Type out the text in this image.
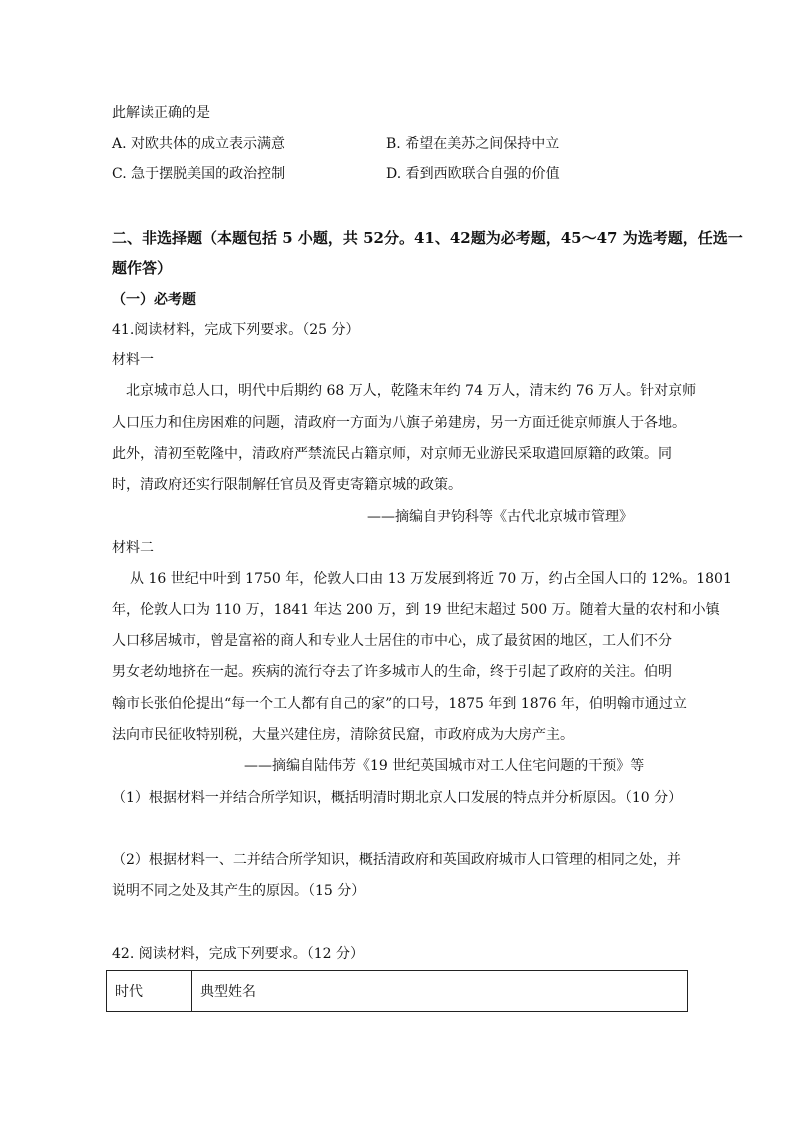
此解读正确的是
A. 对欧共体的成立表示满意	B. 希望在美苏之间保持中立
C. 急于摆脱美国的政治控制	D. 看到西欧联合自强的价值
二、非选择题（本题包括 5 小题，共 52分。41、42题为必考题，45～47 为选考题，任选一
题作答）
（一）必考题
41.阅读材料，完成下列要求。（25 分）
材料一
北京城市总人口，明代中后期约 68 万人，乾隆末年约 74 万人，清末约 76 万人。针对京师
人口压力和住房困难的问题，清政府一方面为八旗子弟建房，另一方面迁徙京师旗人于各地。
此外，清初至乾隆中，清政府严禁流民占籍京师，对京师无业游民采取遣回原籍的政策。同
时，清政府还实行限制解任官员及胥吏寄籍京城的政策。
——摘编自尹钧科等《古代北京城市管理》
材料二
从 16 世纪中叶到 1750 年，伦敦人口由 13 万发展到将近 70 万，约占全国人口的 12%。1801
年，伦敦人口为 110 万，1841 年达 200 万，到 19 世纪末超过 500 万。随着大量的农村和小镇
人口移居城市，曾是富裕的商人和专业人士居住的市中心，成了最贫困的地区，工人们不分
男女老幼地挤在一起。疾病的流行夺去了许多城市人的生命，终于引起了政府的关注。伯明
翰市长张伯伦提出“每一个工人都有自己的家”的口号，1875 年到 1876 年，伯明翰市通过立
法向市民征收特别税，大量兴建住房，清除贫民窟，市政府成为大房产主。
——摘编自陆伟芳《19 世纪英国城市对工人住宅问题的干预》等
（1）根据材料一并结合所学知识，概括明清时期北京人口发展的特点并分析原因。（10 分）
（2）根据材料一、二并结合所学知识，概括清政府和英国政府城市人口管理的相同之处，并
说明不同之处及其产生的原因。（15 分）
42. 阅读材料，完成下列要求。（12 分）
时代	典型姓名
